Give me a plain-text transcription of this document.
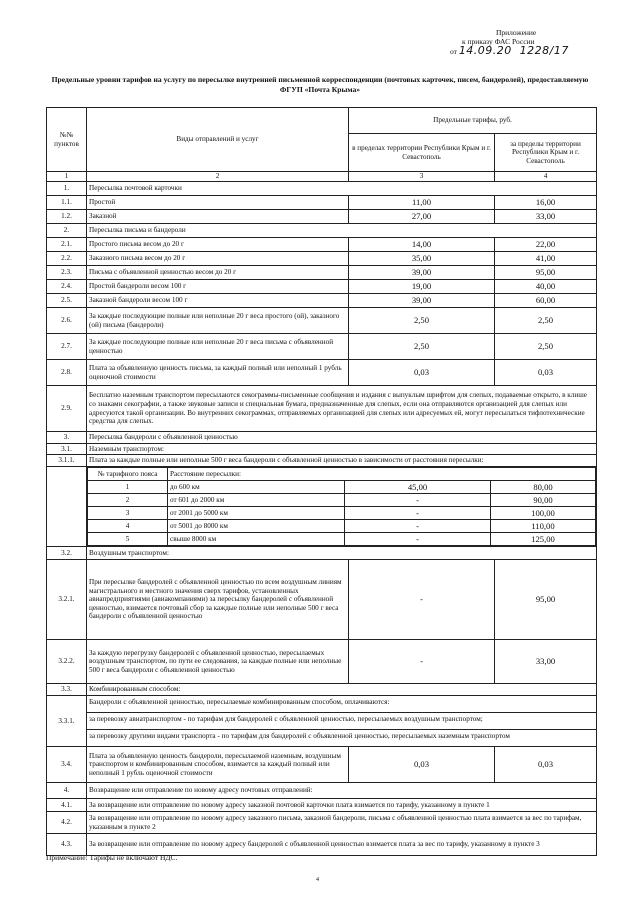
Приложение
к приказу ФАС России
от 14.09.20 1228/17
Предельные уровни тарифов на услугу по пересылке внутренней письменной корреспонденции (почтовых карточек, писем, бандеролей), предоставляемую ФГУП «Почта Крыма»
№№ пунктов	Виды отправлений и услуг	Предельные тарифы, руб.
в пределах территории Республики Крым и г. Севастополь	за пределы территории Республики Крым и г. Севастополь
1	2	3	4
1.	Пересылка почтовой карточки
1.1.	Простой	11,00	16,00
1.2.	Заказной	27,00	33,00
2.	Пересылка письма и бандероли
2.1.	Простого письма весом до 20 г	14,00	22,00
2.2.	Заказного письма весом до 20 г	35,00	41,00
2.3.	Письма с объявленной ценностью весом до 20 г	39,00	95,00
2.4.	Простой бандероли весом 100 г	19,00	40,00
2.5.	Заказной бандероли весом 100 г	39,00	60,00
2.6.	За каждые последующие полные или неполные 20 г веса простого (ой), заказного (ой) письма (бандероли)	2,50	2,50
2.7.	За каждые последующие полные или неполные 20 г веса письма с объявленной ценностью	2,50	2,50
2.8.	Плата за объявленную ценность письма, за каждый полный или неполный 1 рубль оценочной стоимости	0,03	0,03
2.9.	Бесплатно наземным транспортом пересылаются секограммы-письменные сообщения и издания с выпуклым шрифтом для слепых, подаваемые открыто, в клише со знаками секографии, а также звуковые записи и специальная бумага, предназначенные для слепых, если она отправляются организацией для слепых или адресуются такой организации. Во внутренних секограммах, отправляемых организацией для слепых или адресуемых ей, могут пересылаться тифлотехнические средства для слепых.
3.	Пересылка бандероли с объявленной ценностью
3.1.	Наземным транспортом:
3.1.1.	Плата за каждые полные или неполные 500 г веса бандероли с объявленной ценностью в зависимости от расстояния пересылки:

№ тарифного пояса	Расстояние пересылки:
1	до 600 км	45,00	80,00
2	от 601 до 2000 км	-	90,00
3	от 2001 до 5000 км	-	100,00
4	от 5001 до 8000 км	-	110,00
5	свыше 8000 км	-	125,00

3.2.	Воздушным транспортом:
3.2.1.	При пересылке бандеролей с объявленной ценностью по всем воздушным линиям магистрального и местного значения сверх тарифов, установленных авиапредприятиями (авиакомпаниями) за пересылку бандеролей с объявленной ценностью, взимается почтовый сбор за каждые полные или неполные 500 г веса бандероли с объявленной ценностью	-	95,00
3.2.2.	За каждую перегрузку бандеролей с объявленной ценностью, пересылаемых воздушным транспортом, по пути ее следования, за каждые полные или неполные 500 г веса бандероли с объявленной ценностью	-	33,00
3.3.	Комбинированным способом:
3.3.1.	
Бандероли с объявленной ценностью, пересылаемые комбинированным способом, оплачиваются:
за перевозку авиатранспортом - по тарифам для бандеролей с объявленной ценностью, пересылаемых воздушным транспортом;
за перевозку другими видами транспорта - по тарифам для бандеролей с объявленной ценностью, пересылаемых наземным транспортом

3.4.	Плата за объявленную ценность бандероли, пересылаемой наземным, воздушным транспортом и комбинированным способом, взимается за каждый полный или неполный 1 рубль оценочной стоимости	0,03	0,03
4.	Возвращение или отправление по новому адресу почтовых отправлений:
4.1.	За возвращение или отправление по новому адресу заказной почтовой карточки плата взимается по тарифу, указанному в пункте 1
4.2.	За возвращение или отправление по новому адресу заказного письма, заказной бандероли, письма с объявленной ценностью плата взимается за вес по тарифам, указанным в пункте 2
4.3.	За возвращение или отправление по новому адресу бандеролей с объявленной ценностью взимается плата за вес по тарифу, указанному в пункте 3
Примечание: Тарифы не включают НДС.
4
